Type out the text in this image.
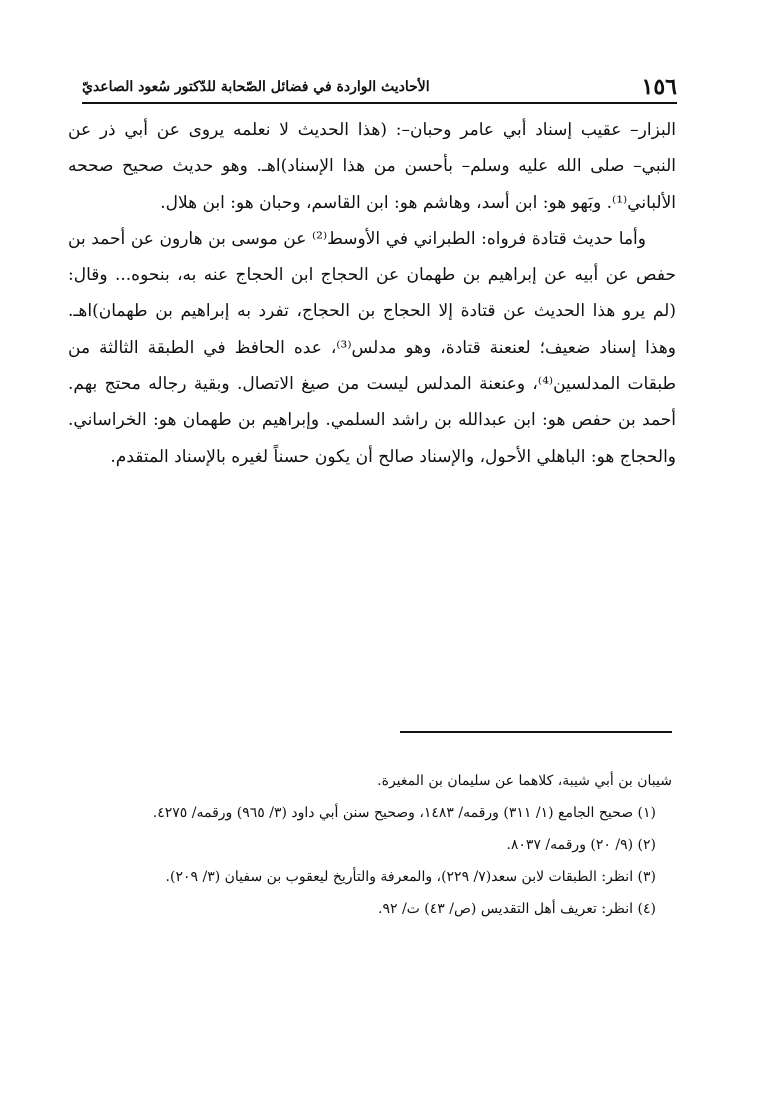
١٥٦
الأحاديث الواردة في فضائل الصّحابة للدّكتور سُعود الصاعديّ

البزار– عقيب إسناد أبي عامر وحبان–: (هذا الحديث لا نعلمه يروى عن أبي ذر عن النبي– صلى الله عليه وسلم– بأحسن من هذا الإسناد)اهـ. وهو حديث صحيح صححه الألباني⁽¹⁾. وبَهو هو: ابن أسد، وهاشم هو: ابن القاسم، وحبان هو: ابن هلال.

وأما حديث قتادة فرواه: الطبراني في الأوسط⁽²⁾ عن موسى بن هارون عن أحمد بن حفص عن أبيه عن إبراهيم بن طهمان عن الحجاج ابن الحجاج عنه به، بنحوه... وقال: (لم يرو هذا الحديث عن قتادة إلا الحجاج بن الحجاج، تفرد به إبراهيم بن طهمان)اهـ. وهذا إسناد ضعيف؛ لعنعنة قتادة، وهو مدلس⁽³⁾، عده الحافظ في الطبقة الثالثة من طبقات المدلسين⁽⁴⁾، وعنعنة المدلس ليست من صيغ الاتصال. وبقية رجاله محتج بهم. أحمد بن حفص هو: ابن عبدالله بن راشد السلمي. وإبراهيم بن طهمان هو: الخراساني. والحجاج هو: الباهلي الأحول، والإسناد صالح أن يكون حسناً لغيره بالإسناد المتقدم.

شيبان بن أبي شيبة، كلاهما عن سليمان بن المغيرة.

(١) صحيح الجامع (١/ ٣١١) ورقمه/ ١٤٨٣، وصحيح سنن أبي داود (٣/ ٩٦٥) ورقمه/ ٤٢٧٥.

(٢) (٩/ ٢٠) ورقمه/ ٨٠٣٧.

(٣) انظر: الطبقات لابن سعد(٧/ ٢٢٩)، والمعرفة والتأريخ ليعقوب بن سفيان (٣/ ٢٠٩).

(٤) انظر: تعريف أهل التقديس (ص/ ٤٣) ت/ ٩٢.
